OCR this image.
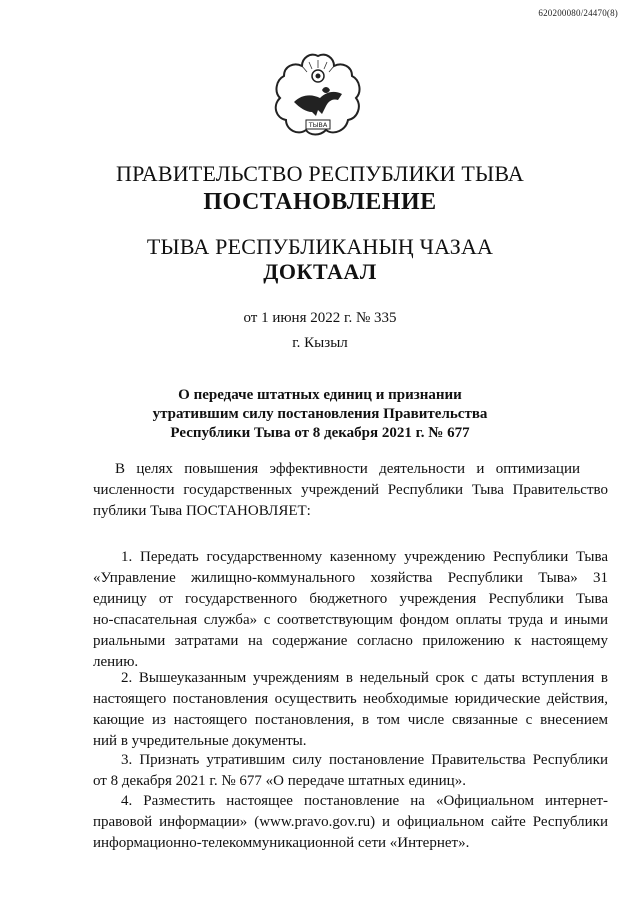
620200080/24470(8)
ТЫВА
ПРАВИТЕЛЬСТВО РЕСПУБЛИКИ ТЫВА
ПОСТАНОВЛЕНИЕ
ТЫВА РЕСПУБЛИКАНЫҢ ЧАЗАА
ДОКТААЛ
от 1 июня 2022 г. № 335
г. Кызыл
О передаче штатных единиц и признании
утратившим силу постановления Правительства
Республики Тыва от 8 декабря 2021 г. № 677
В целях повышения эффективности деятельности и оптимизации
численности государственных учреждений Республики Тыва Правительство
публики Тыва ПОСТАНОВЛЯЕТ:
1. Передать государственному казенному учреждению Республики Тыва
«Управление жилищно-коммунального хозяйства Республики Тыва» 31
единицу от государственного бюджетного учреждения Республики Тыва
но-спасательная служба» с соответствующим фондом оплаты труда и иными
риальными затратами на содержание согласно приложению к настоящему
лению.
2. Вышеуказанным учреждениям в недельный срок с даты вступления в
настоящего постановления осуществить необходимые юридические действия,
кающие из настоящего постановления, в том числе связанные с внесением
ний в учредительные документы.
3. Признать утратившим силу постановление Правительства Республики
от 8 декабря 2021 г. № 677 «О передаче штатных единиц».
4. Разместить настоящее постановление на «Официальном интернет-
правовой информации» (www.pravo.gov.ru) и официальном сайте Республики
информационно-телекоммуникационной сети «Интернет».
